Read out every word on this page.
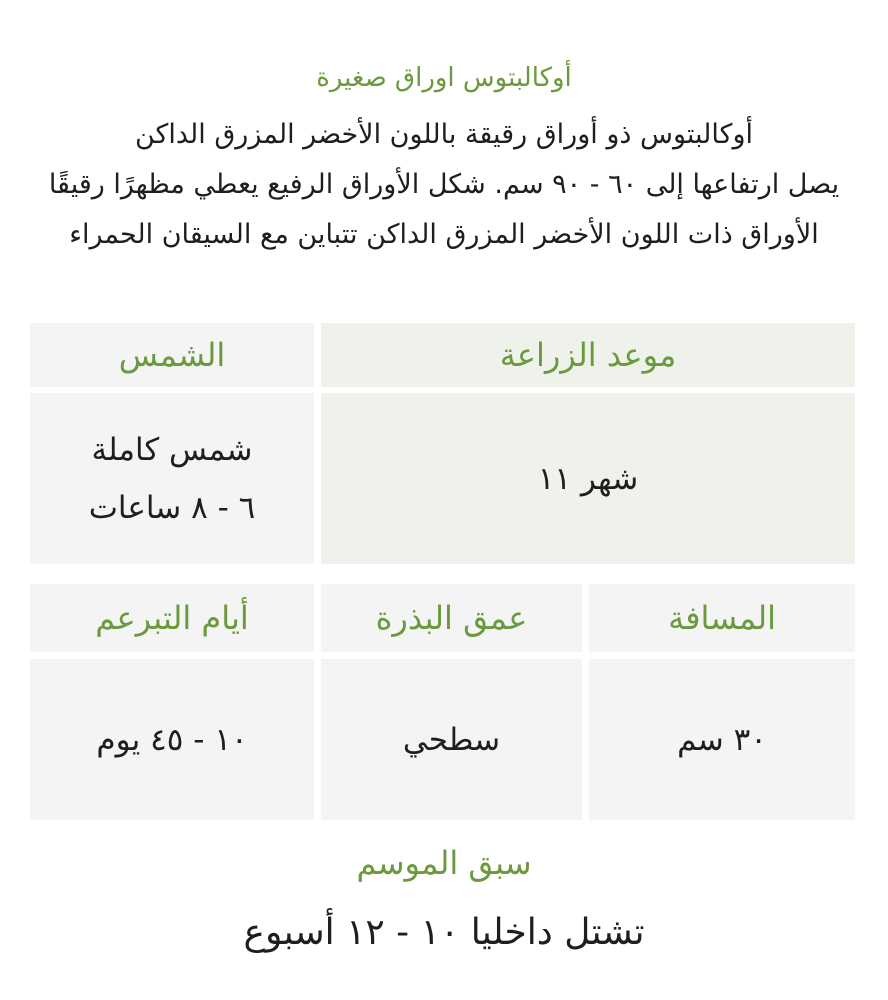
أوكالبتوس اوراق صغيرة
أوكالبتوس ذو أوراق رقيقة باللون الأخضر المزرق الداكن
يصل ارتفاعها إلى ٦٠ - ٩٠ سم. شكل الأوراق الرفيع يعطي مظهرًا رقيقًا
الأوراق ذات اللون الأخضر المزرق الداكن تتباين مع السيقان الحمراء
موعد الزراعة
الشمس
شهر ١١
شمس كاملة
٦ - ٨ ساعات
المسافة
عمق البذرة
أيام التبرعم
٣٠ سم
سطحي
١٠ - ٤٥ يوم
سبق الموسم
تشتل داخليا ١٠ - ١٢ أسبوع
